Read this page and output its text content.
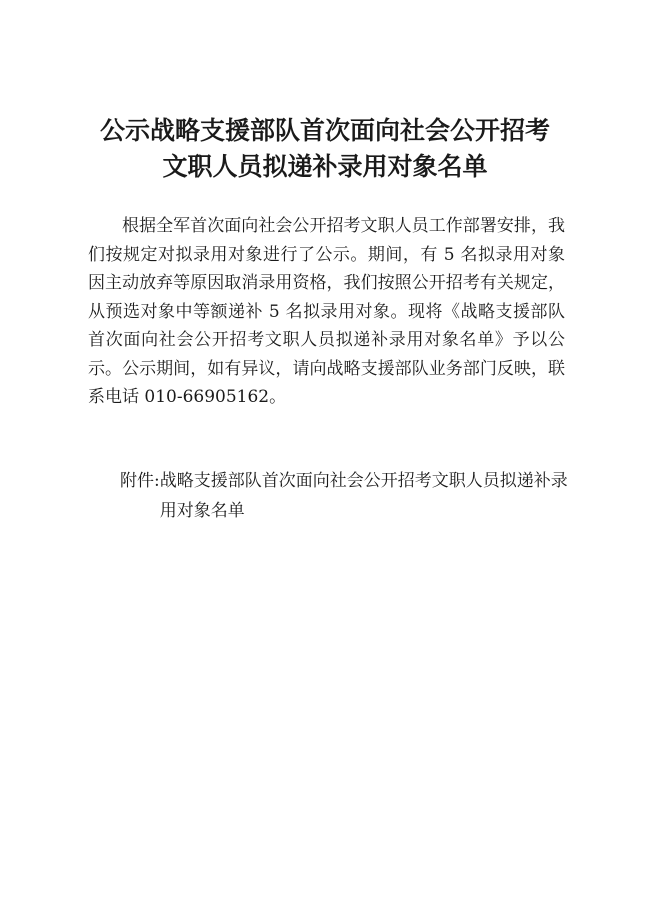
公示战略支援部队首次面向社会公开招考
文职人员拟递补录用对象名单

根据全军首次面向社会公开招考文职人员工作部署安排，我们按规定对拟录用对象进行了公示。期间，有 5 名拟录用对象因主动放弃等原因取消录用资格，我们按照公开招考有关规定，从预选对象中等额递补 5 名拟录用对象。现将《战略支援部队首次面向社会公开招考文职人员拟递补录用对象名单》予以公示。公示期间，如有异议，请向战略支援部队业务部门反映，联系电话 010-66905162。

附件: 战略支援部队首次面向社会公开招考文职人员拟递补录用对象名单
